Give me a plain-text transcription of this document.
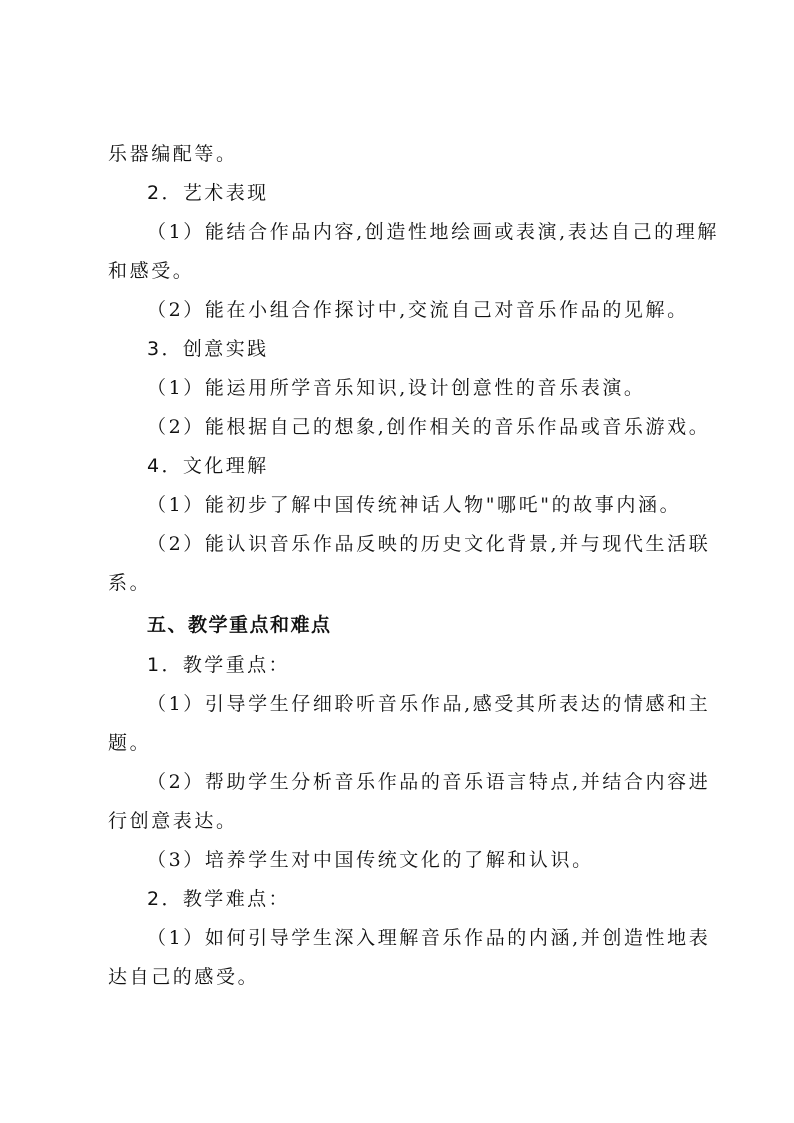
乐器编配等。
2．艺术表现
（1）能结合作品内容,创造性地绘画或表演,表达自己的理解
和感受。
（2）能在小组合作探讨中,交流自己对音乐作品的见解。
3．创意实践
（1）能运用所学音乐知识,设计创意性的音乐表演。
（2）能根据自己的想象,创作相关的音乐作品或音乐游戏。
4．文化理解
（1）能初步了解中国传统神话人物"哪吒"的故事内涵。
（2）能认识音乐作品反映的历史文化背景,并与现代生活联
系。
五、教学重点和难点
1．教学重点：
（1）引导学生仔细聆听音乐作品,感受其所表达的情感和主
题。
（2）帮助学生分析音乐作品的音乐语言特点,并结合内容进
行创意表达。
（3）培养学生对中国传统文化的了解和认识。
2．教学难点：
（1）如何引导学生深入理解音乐作品的内涵,并创造性地表
达自己的感受。
